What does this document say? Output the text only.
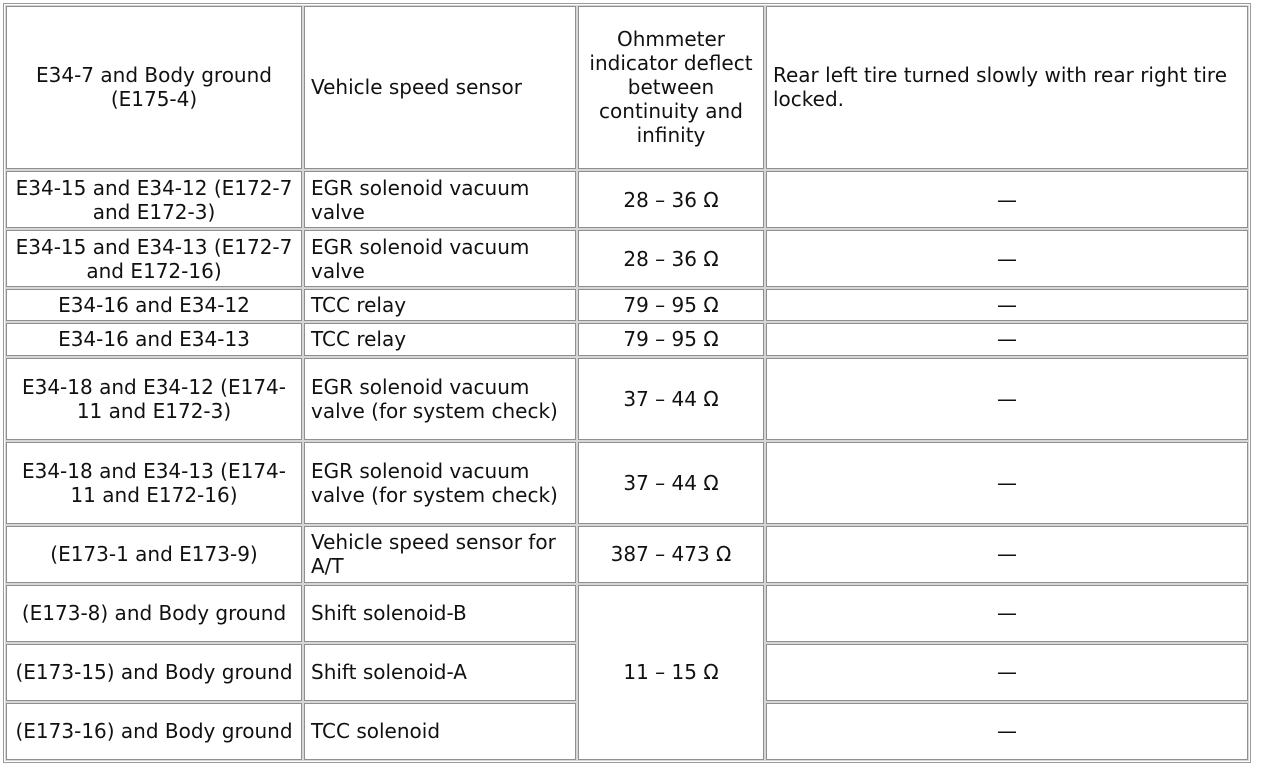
E34-7 and Body ground (E175-4)	Vehicle speed sensor	Ohmmeter indicator deflect between continuity and infinity	Rear left tire turned slowly with rear right tire locked.
E34-15 and E34-12 (E172-7 and E172-3)	EGR solenoid vacuum valve	28 – 36 Ω	—
E34-15 and E34-13 (E172-7 and E172-16)	EGR solenoid vacuum valve	28 – 36 Ω	—
E34-16 and E34-12	TCC relay	79 – 95 Ω	—
E34-16 and E34-13	TCC relay	79 – 95 Ω	—
E34-18 and E34-12 (E174-11 and E172-3)	EGR solenoid vacuum valve (for system check)	37 – 44 Ω	—
E34-18 and E34-13 (E174-11 and E172-16)	EGR solenoid vacuum valve (for system check)	37 – 44 Ω	—
(E173-1 and E173-9)	Vehicle speed sensor for A/T	387 – 473 Ω	—
(E173-8) and Body ground	Shift solenoid-B	11 – 15 Ω	—
(E173-15) and Body ground	Shift solenoid-A		—
(E173-16) and Body ground	TCC solenoid		—
